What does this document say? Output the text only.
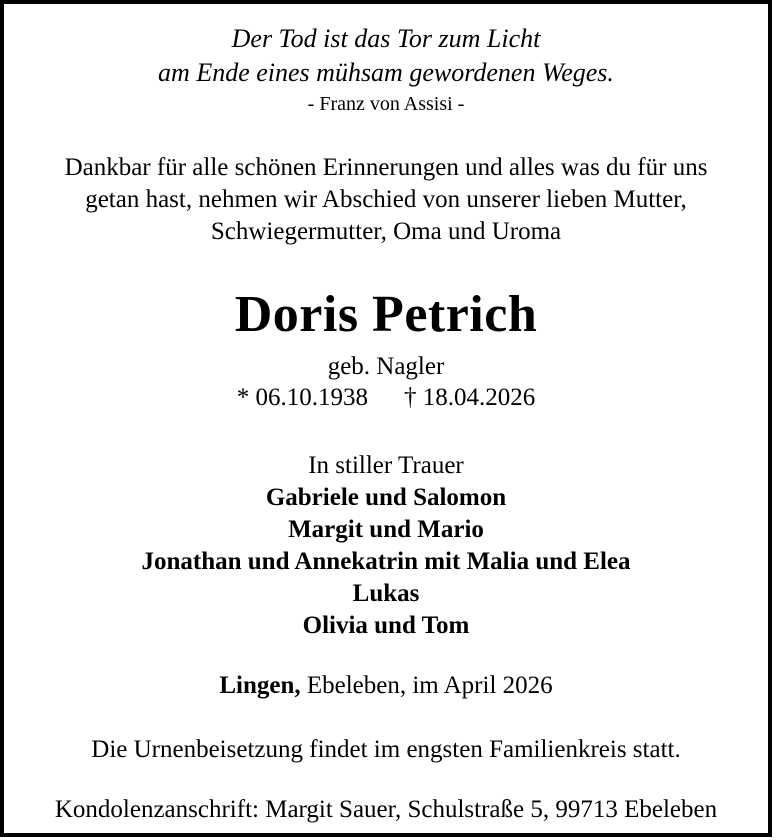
Der Tod ist das Tor zum Licht
am Ende eines mühsam gewordenen Weges.
- Franz von Assisi -
Dankbar für alle schönen Erinnerungen und alles was du für uns
getan hast, nehmen wir Abschied von unserer lieben Mutter,
Schwiegermutter, Oma und Uroma
Doris Petrich
geb. Nagler
* 06.10.1938 † 18.04.2026
In stiller Trauer
Gabriele und Salomon
Margit und Mario
Jonathan und Annekatrin mit Malia und Elea
Lukas
Olivia und Tom
Lingen, Ebeleben, im April 2026
Die Urnenbeisetzung findet im engsten Familienkreis statt.
Kondolenzanschrift: Margit Sauer, Schulstraße 5, 99713 Ebeleben
